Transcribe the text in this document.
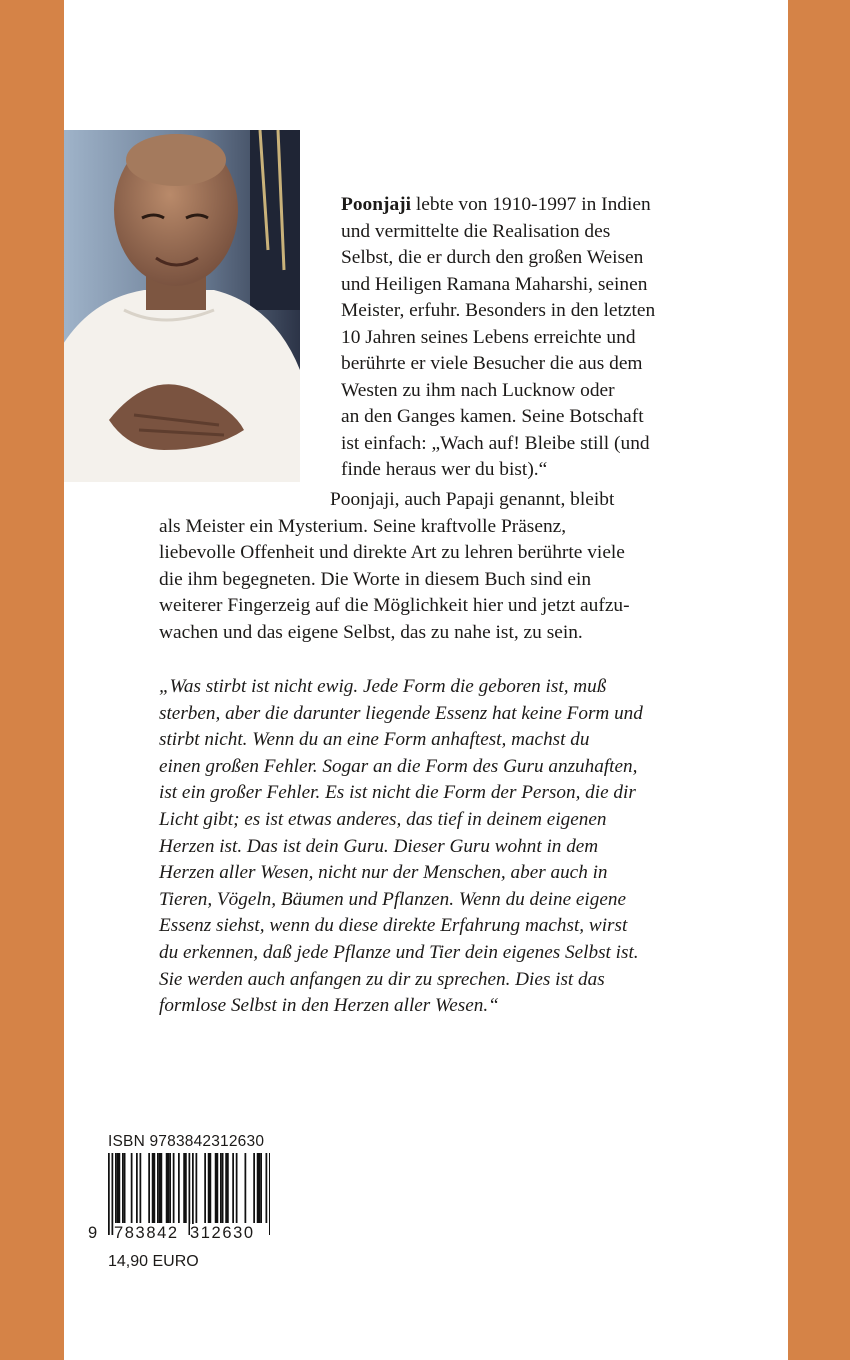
Poonjaji lebte von 1910-1997 in Indien
und vermittelte die Realisation des
Selbst, die er durch den großen Weisen
und Heiligen Ramana Maharshi, seinen
Meister, erfuhr. Besonders in den letzten
10 Jahren seines Lebens erreichte und
berührte er viele Besucher die aus dem
Westen zu ihm nach Lucknow oder
an den Ganges kamen. Seine Botschaft
ist einfach: „Wach auf! Bleibe still (und
finde heraus wer du bist).“
Poonjaji, auch Papaji genannt, bleibt
als Meister ein Mysterium. Seine kraftvolle Präsenz,
liebevolle Offenheit und direkte Art zu lehren berührte viele
die ihm begegneten. Die Worte in diesem Buch sind ein
weiterer Fingerzeig auf die Möglichkeit hier und jetzt aufzu-
wachen und das eigene Selbst, das zu nahe ist, zu sein.
„Was stirbt ist nicht ewig. Jede Form die geboren ist, muß
sterben, aber die darunter liegende Essenz hat keine Form und
stirbt nicht. Wenn du an eine Form anhaftest, machst du
einen großen Fehler. Sogar an die Form des Guru anzuhaften,
ist ein großer Fehler. Es ist nicht die Form der Person, die dir
Licht gibt; es ist etwas anderes, das tief in deinem eigenen
Herzen ist. Das ist dein Guru. Dieser Guru wohnt in dem
Herzen aller Wesen, nicht nur der Menschen, aber auch in
Tieren, Vögeln, Bäumen und Pflanzen. Wenn du deine eigene
Essenz siehst, wenn du diese direkte Erfahrung machst, wirst
du erkennen, daß jede Pflanze und Tier dein eigenes Selbst ist.
Sie werden auch anfangen zu dir zu sprechen. Dies ist das
formlose Selbst in den Herzen aller Wesen.“
ISBN 9783842312630
9	783842 312630
14,90 EURO
